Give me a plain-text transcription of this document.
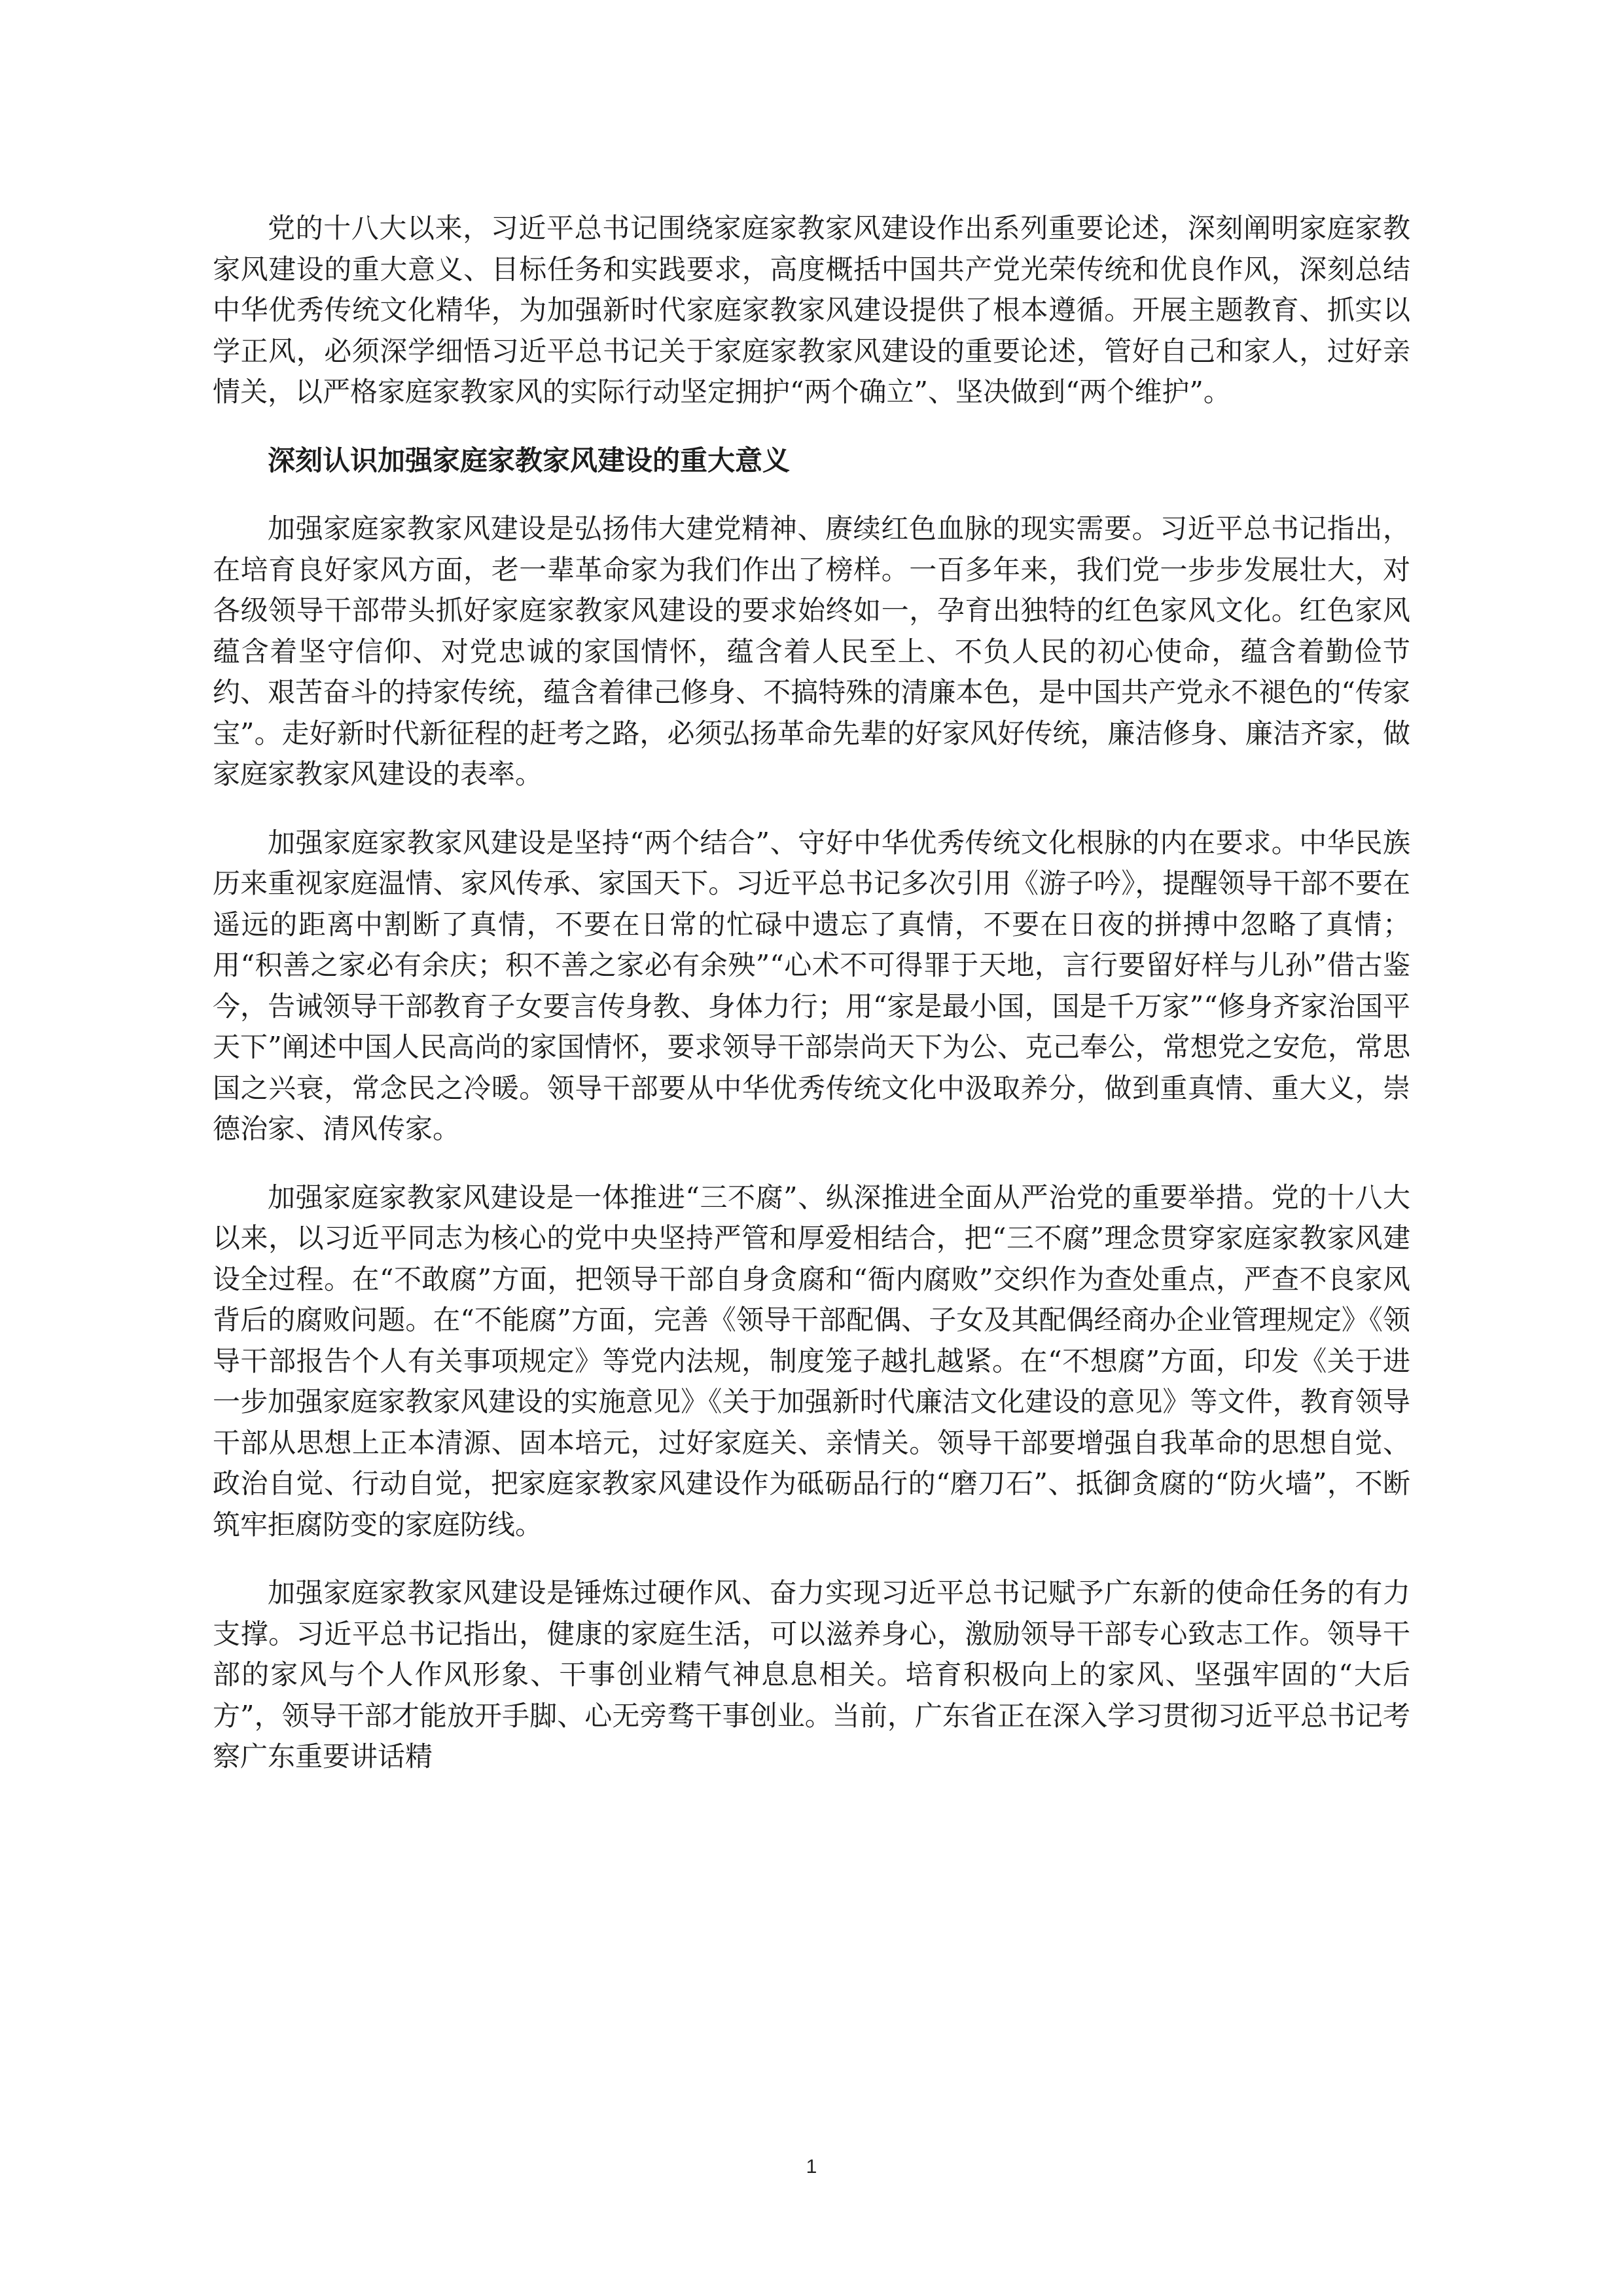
党的十八大以来，习近平总书记围绕家庭家教家风建设作出系列重要论述，深刻阐明家庭家教家风建设的重大意义、目标任务和实践要求，高度概括中国共产党光荣传统和优良作风，深刻总结中华优秀传统文化精华，为加强新时代家庭家教家风建设提供了根本遵循。开展主题教育、抓实以学正风，必须深学细悟习近平总书记关于家庭家教家风建设的重要论述，管好自己和家人，过好亲情关，以严格家庭家教家风的实际行动坚定拥护“两个确立”、坚决做到“两个维护”。

深刻认识加强家庭家教家风建设的重大意义

加强家庭家教家风建设是弘扬伟大建党精神、赓续红色血脉的现实需要。习近平总书记指出，在培育良好家风方面，老一辈革命家为我们作出了榜样。一百多年来，我们党一步步发展壮大，对各级领导干部带头抓好家庭家教家风建设的要求始终如一，孕育出独特的红色家风文化。红色家风蕴含着坚守信仰、对党忠诚的家国情怀，蕴含着人民至上、不负人民的初心使命，蕴含着勤俭节约、艰苦奋斗的持家传统，蕴含着律己修身、不搞特殊的清廉本色，是中国共产党永不褪色的“传家宝”。走好新时代新征程的赶考之路，必须弘扬革命先辈的好家风好传统，廉洁修身、廉洁齐家，做家庭家教家风建设的表率。

加强家庭家教家风建设是坚持“两个结合”、守好中华优秀传统文化根脉的内在要求。中华民族历来重视家庭温情、家风传承、家国天下。习近平总书记多次引用《游子吟》，提醒领导干部不要在遥远的距离中割断了真情，不要在日常的忙碌中遗忘了真情，不要在日夜的拼搏中忽略了真情；用“积善之家必有余庆；积不善之家必有余殃”“心术不可得罪于天地，言行要留好样与儿孙”借古鉴今，告诫领导干部教育子女要言传身教、身体力行；用“家是最小国，国是千万家”“修身齐家治国平天下”阐述中国人民高尚的家国情怀，要求领导干部崇尚天下为公、克己奉公，常想党之安危，常思国之兴衰，常念民之冷暖。领导干部要从中华优秀传统文化中汲取养分，做到重真情、重大义，崇德治家、清风传家。

加强家庭家教家风建设是一体推进“三不腐”、纵深推进全面从严治党的重要举措。党的十八大以来，以习近平同志为核心的党中央坚持严管和厚爱相结合，把“三不腐”理念贯穿家庭家教家风建设全过程。在“不敢腐”方面，把领导干部自身贪腐和“衙内腐败”交织作为查处重点，严查不良家风背后的腐败问题。在“不能腐”方面，完善《领导干部配偶、子女及其配偶经商办企业管理规定》《领导干部报告个人有关事项规定》等党内法规，制度笼子越扎越紧。在“不想腐”方面，印发《关于进一步加强家庭家教家风建设的实施意见》《关于加强新时代廉洁文化建设的意见》等文件，教育领导干部从思想上正本清源、固本培元，过好家庭关、亲情关。领导干部要增强自我革命的思想自觉、政治自觉、行动自觉，把家庭家教家风建设作为砥砺品行的“磨刀石”、抵御贪腐的“防火墙”，不断筑牢拒腐防变的家庭防线。

加强家庭家教家风建设是锤炼过硬作风、奋力实现习近平总书记赋予广东新的使命任务的有力支撑。习近平总书记指出，健康的家庭生活，可以滋养身心，激励领导干部专心致志工作。领导干部的家风与个人作风形象、干事创业精气神息息相关。培育积极向上的家风、坚强牢固的“大后方”，领导干部才能放开手脚、心无旁骛干事创业。当前，广东省正在深入学习贯彻习近平总书记考察广东重要讲话精

1
